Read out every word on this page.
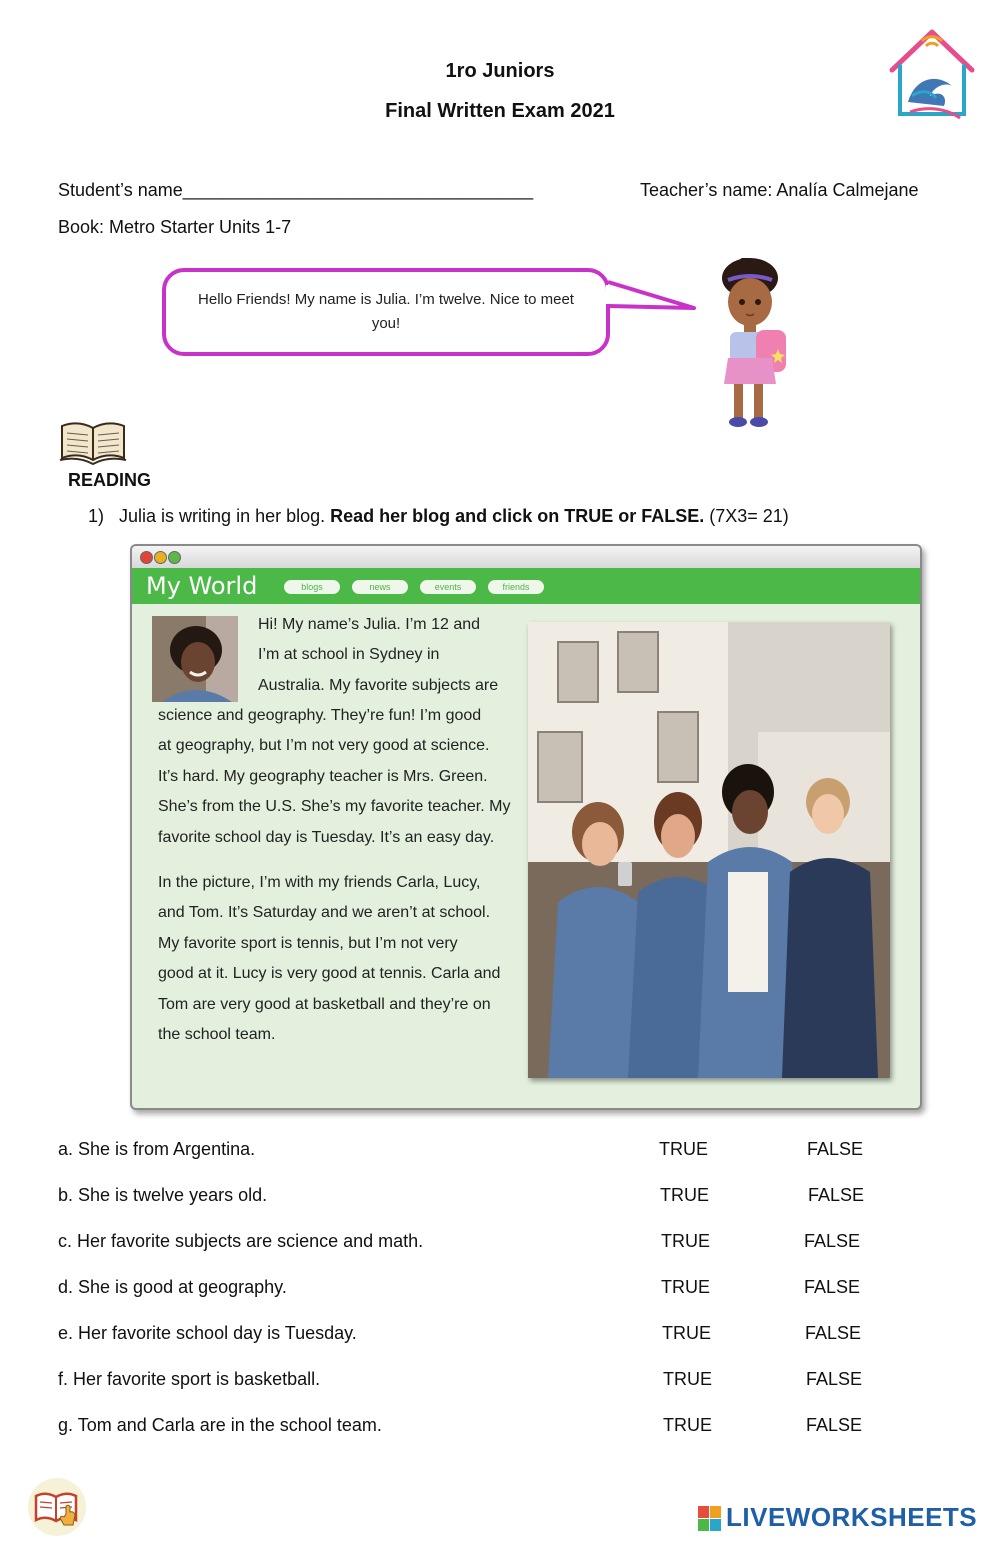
1ro Juniors
Final Written Exam 2021
Student’s name___________________________________	Teacher’s name: Analía Calmejane
Book: Metro Starter Units 1-7
Hello Friends! My name is Julia. I’m twelve. Nice to meet you!
READING
1) Julia is writing in her blog. Read her blog and click on TRUE or FALSE. (7X3= 21)
My World	blogs	news	events	friends
Hi! My name’s Julia. I’m 12 and
I’m at school in Sydney in
Australia. My favorite subjects are
science and geography. They’re fun! I’m good
at geography, but I’m not very good at science.
It’s hard. My geography teacher is Mrs. Green.
She’s from the U.S. She’s my favorite teacher. My
favorite school day is Tuesday. It’s an easy day.
In the picture, I’m with my friends Carla, Lucy,
and Tom. It’s Saturday and we aren’t at school.
My favorite sport is tennis, but I’m not very
good at it. Lucy is very good at tennis. Carla and
Tom are very good at basketball and they’re on
the school team.
a. She is from Argentina.	TRUE	FALSE
b. She is twelve years old.	TRUE	FALSE
c. Her favorite subjects are science and math.	TRUE	FALSE
d. She is good at geography.	TRUE	FALSE
e. Her favorite school day is Tuesday.	TRUE	FALSE
f. Her favorite sport is basketball.	TRUE	FALSE
g. Tom and Carla are in the school team.	TRUE	FALSE
LIVEWORKSHEETS
